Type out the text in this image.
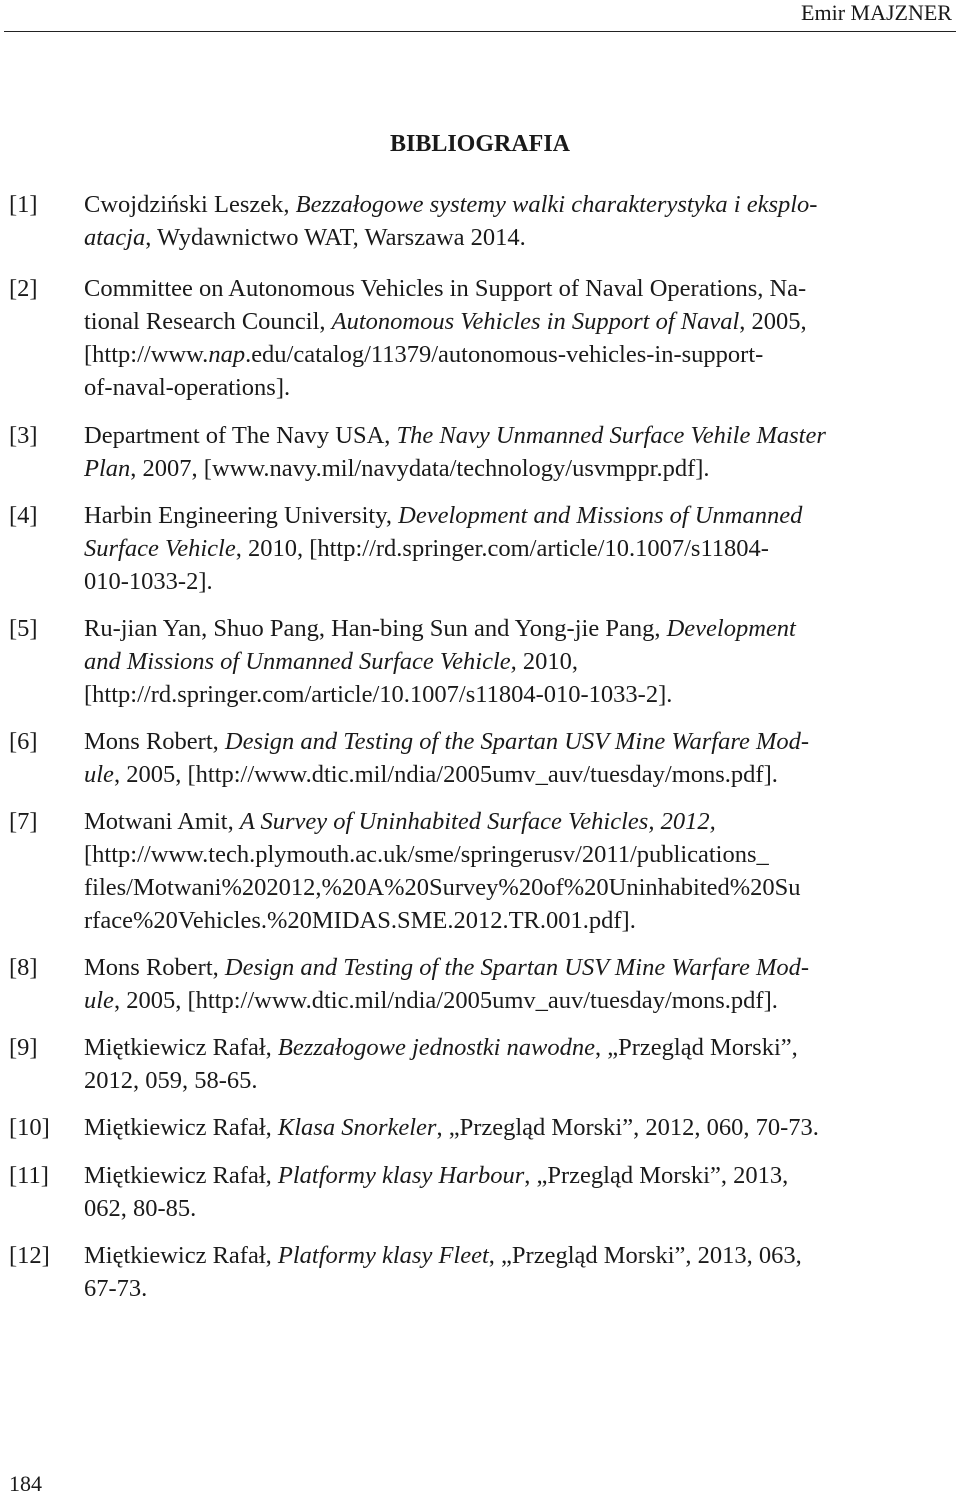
Emir MAJZNER
BIBLIOGRAFIA
[1] Cwojdziński Leszek, Bezzałogowe systemy walki charakterystyka i eksplo-
atacja, Wydawnictwo WAT, Warszawa 2014.
[2] Committee on Autonomous Vehicles in Support of Naval Operations, Na-
tional Research Council, Autonomous Vehicles in Support of Naval, 2005,
[http://www.nap.edu/catalog/11379/autonomous-vehicles-in-support-
of-naval-operations].
[3] Department of The Navy USA, The Navy Unmanned Surface Vehile Master
Plan, 2007, [www.navy.mil/navydata/technology/usvmppr.pdf].
[4] Harbin Engineering University, Development and Missions of Unmanned
Surface Vehicle, 2010, [http://rd.springer.com/article/10.1007/s11804-
010-1033-2].
[5] Ru-jian Yan, Shuo Pang, Han-bing Sun and Yong-jie Pang, Development
and Missions of Unmanned Surface Vehicle, 2010,
[http://rd.springer.com/article/10.1007/s11804-010-1033-2].
[6] Mons Robert, Design and Testing of the Spartan USV Mine Warfare Mod-
ule, 2005, [http://www.dtic.mil/ndia/2005umv_auv/tuesday/mons.pdf].
[7] Motwani Amit, A Survey of Uninhabited Surface Vehicles, 2012,
[http://www.tech.plymouth.ac.uk/sme/springerusv/2011/publications_
files/Motwani%202012,%20A%20Survey%20of%20Uninhabited%20Su
rface%20Vehicles.%20MIDAS.SME.2012.TR.001.pdf].
[8] Mons Robert, Design and Testing of the Spartan USV Mine Warfare Mod-
ule, 2005, [http://www.dtic.mil/ndia/2005umv_auv/tuesday/mons.pdf].
[9] Miętkiewicz Rafał, Bezzałogowe jednostki nawodne, „Przegląd Morski”,
2012, 059, 58-65.
[10] Miętkiewicz Rafał, Klasa Snorkeler, „Przegląd Morski”, 2012, 060, 70-73.
[11] Miętkiewicz Rafał, Platformy klasy Harbour, „Przegląd Morski”, 2013,
062, 80-85.
[12] Miętkiewicz Rafał, Platformy klasy Fleet, „Przegląd Morski”, 2013, 063,
67-73.
184
